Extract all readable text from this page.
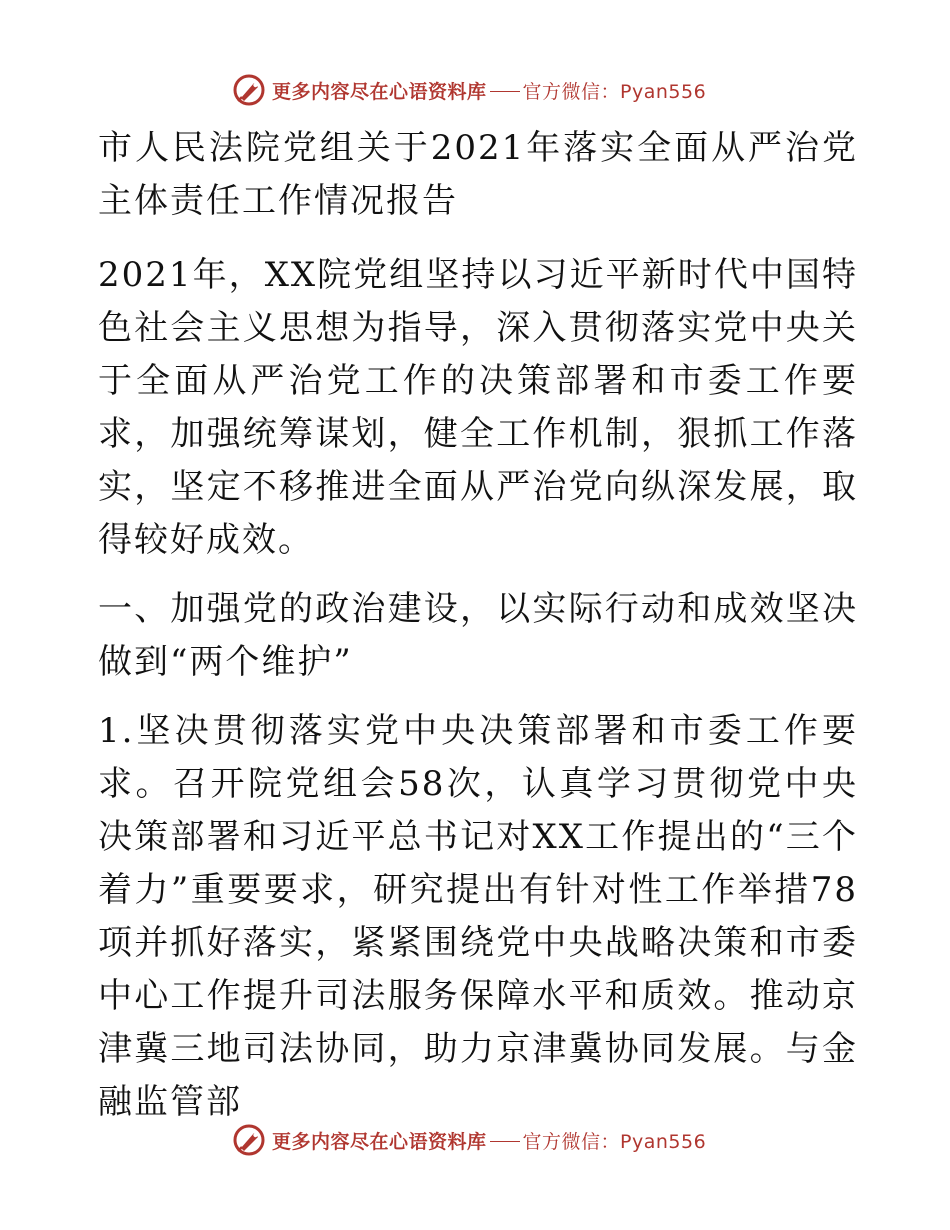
更多内容尽在心语资料库 官方微信：Pyan556

市人民法院党组关于2021年落实全面从严治党主体责任工作情况报告

2021年，XX院党组坚持以习近平新时代中国特色社会主义思想为指导，深入贯彻落实党中央关于全面从严治党工作的决策部署和市委工作要求，加强统筹谋划，健全工作机制，狠抓工作落实，坚定不移推进全面从严治党向纵深发展，取得较好成效。

一、加强党的政治建设，以实际行动和成效坚决做到“两个维护”

1.坚决贯彻落实党中央决策部署和市委工作要求。召开院党组会58次，认真学习贯彻党中央决策部署和习近平总书记对XX工作提出的“三个着力”重要要求，研究提出有针对性工作举措78项并抓好落实，紧紧围绕党中央战略决策和市委中心工作提升司法服务保障水平和质效。推动京津冀三地司法协同，助力京津冀协同发展。与金融监管部

更多内容尽在心语资料库 官方微信：Pyan556
